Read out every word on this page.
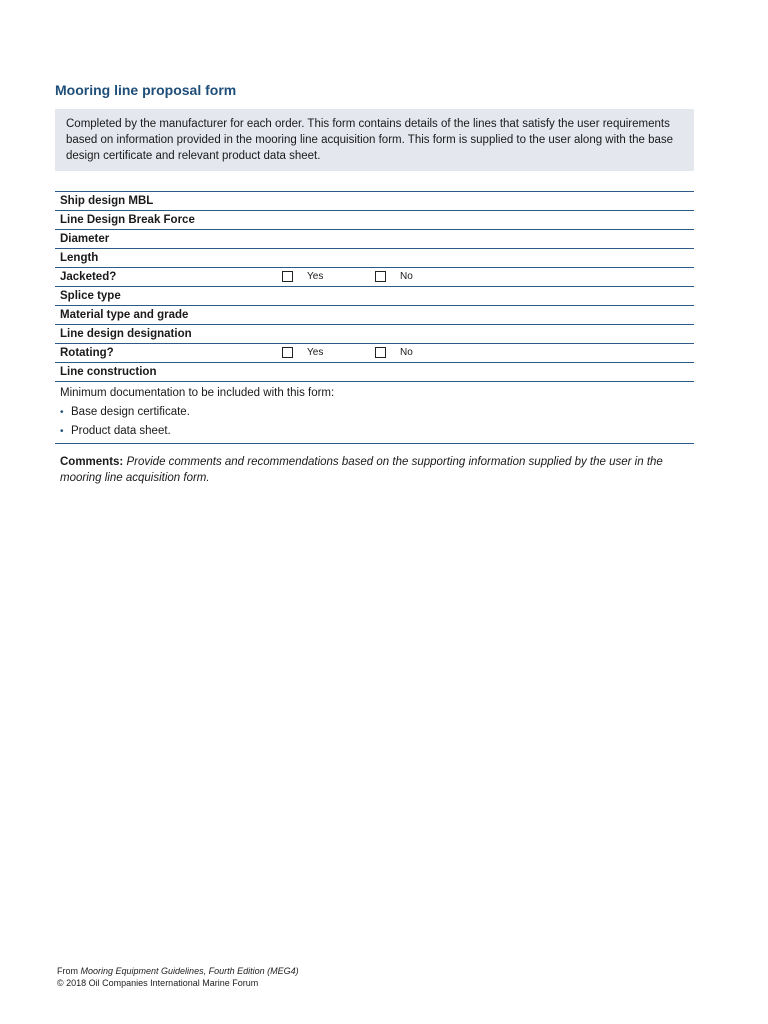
Mooring line proposal form
Completed by the manufacturer for each order. This form contains details of the lines that satisfy the user requirements based on information provided in the mooring line acquisition form. This form is supplied to the user along with the base design certificate and relevant product data sheet.
Ship design MBL
Line Design Break Force
Diameter
Length
Jacketed?	Yes	No
Splice type
Material type and grade
Line design designation
Rotating?	Yes	No
Line construction
Minimum documentation to be included with this form:
• Base design certificate.
• Product data sheet.
Comments: Provide comments and recommendations based on the supporting information supplied by the user in the mooring line acquisition form.
From Mooring Equipment Guidelines, Fourth Edition (MEG4)
© 2018 Oil Companies International Marine Forum
